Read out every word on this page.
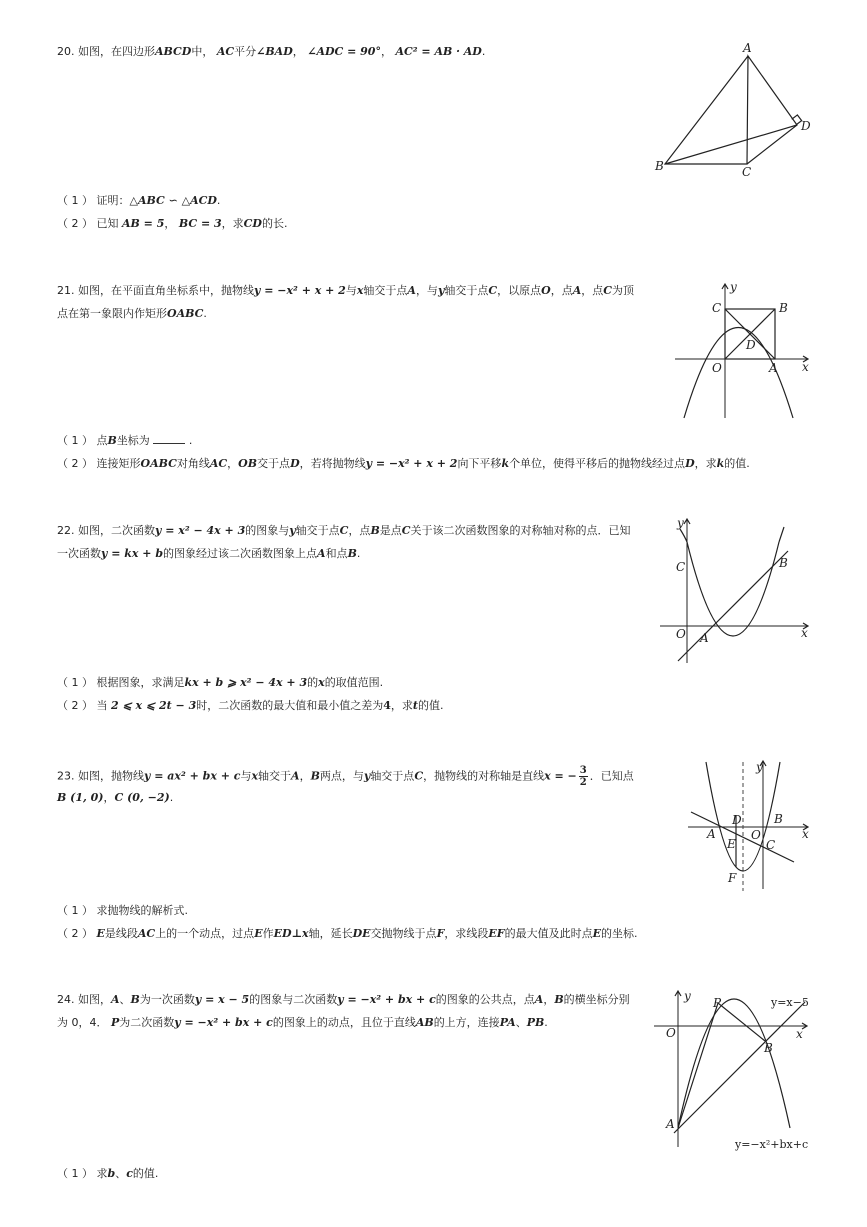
20. 如图，在四边形ABCD中， AC平分∠BAD， ∠ADC = 90°， AC² = AB · AD.	A
B	C
D
（ 1 ） 证明：△ABC ∽ △ACD.
（ 2 ） 已知 AB = 5， BC = 3，求CD的长.
21. 如图，在平面直角坐标系中，抛物线y = −x² + x + 2与x轴交于点A，与y轴交于点C，以原点O，点A，点C为顶
点在第一象限内作矩形OABC.
y
x
C	B
D
O	A
（ 1 ） 点B坐标为	.
（ 2 ） 连接矩形OABC对角线AC，OB交于点D，若将抛物线y = −x² + x + 2向下平移k个单位，使得平移后的抛物线经过点D，求k的值.
22. 如图，二次函数y = x² − 4x + 3的图象与y轴交于点C，点B是点C关于该二次函数图象的对称轴对称的点．已知
一次函数y = kx + b的图象经过该二次函数图象上点A和点B.
y
x
C	B
O A
（ 1 ） 根据图象，求满足kx + b ⩾ x² − 4x + 3的x的取值范围.
（ 2 ） 当 2 ⩽ x ⩽ 2t − 3时，二次函数的最大值和最小值之差为4，求t的值.
23. 如图，抛物线y = ax² + bx + c与x轴交于A，B两点，与y轴交于点C，抛物线的对称轴是直线x = − $\frac{3}{2}$ ．已知点
B (1, 0)，C (0, −2).
y
x
D
O
B
A
E	C
F
（ 1 ） 求抛物线的解析式.
（ 2 ） E是线段AC上的一个动点，过点E作ED⊥x轴，延长DE交抛物线于点F，求线段EF的最大值及此时点E的坐标.
24. 如图，A、B为一次函数y = x − 5的图象与二次函数y = −x² + bx + c的图象的公共点，点A，B的横坐标分别
为 0，4． P为二次函数y = −x² + bx + c的图象上的动点，且位于直线AB的上方，连接PA、PB.
y
x
O
P
B
A
y=x−5
y=−x²+bx+c
（ 1 ） 求b、c的值.
